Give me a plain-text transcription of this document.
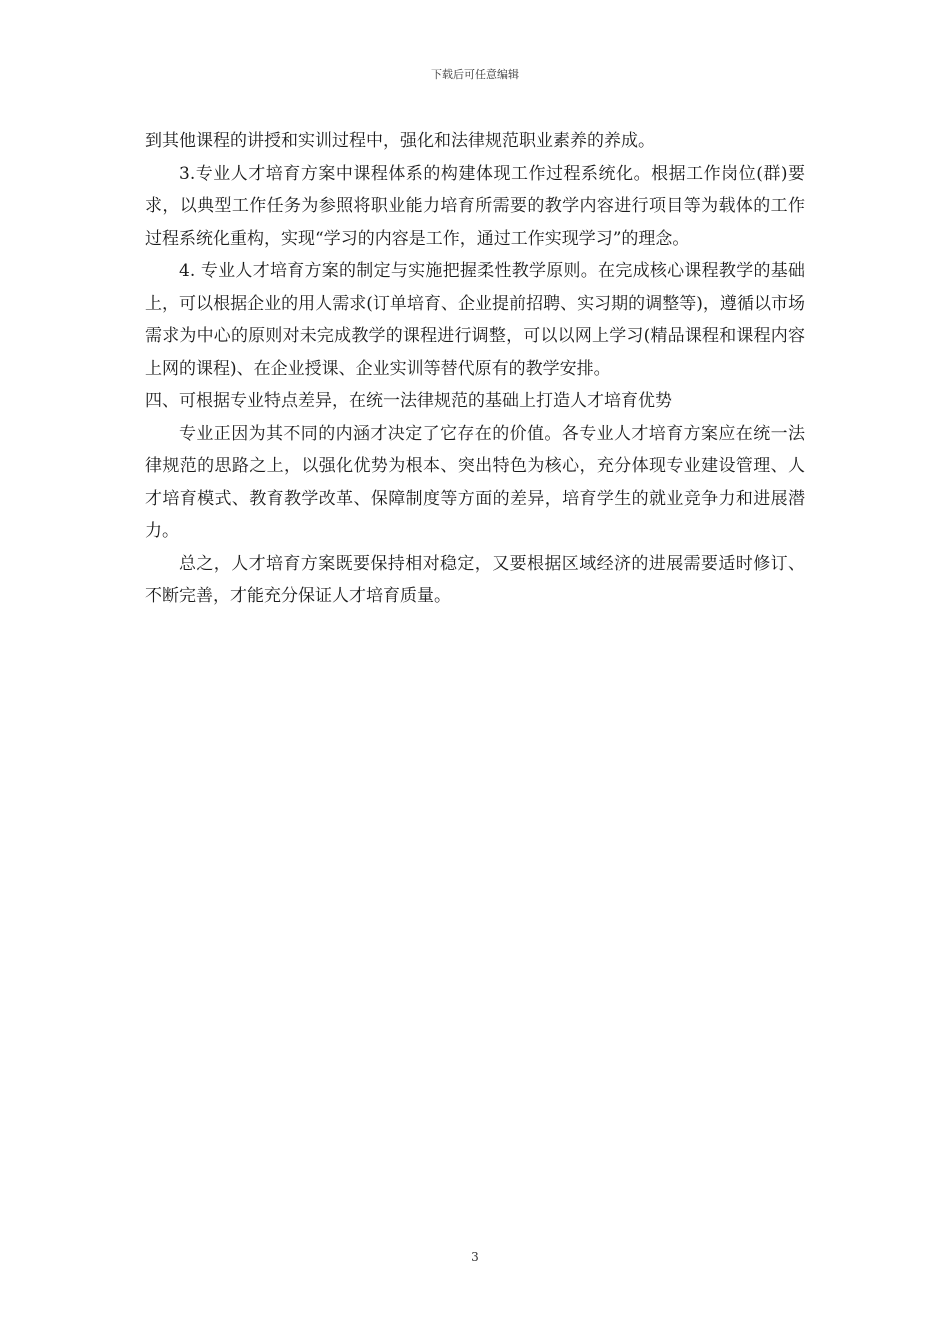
下载后可任意编辑

到其他课程的讲授和实训过程中，强化和法律规范职业素养的养成。

3.专业人才培育方案中课程体系的构建体现工作过程系统化。根据工作岗位(群)要求，以典型工作任务为参照将职业能力培育所需要的教学内容进行项目等为载体的工作过程系统化重构，实现“学习的内容是工作，通过工作实现学习”的理念。

4. 专业人才培育方案的制定与实施把握柔性教学原则。在完成核心课程教学的基础上，可以根据企业的用人需求(订单培育、企业提前招聘、实习期的调整等)，遵循以市场需求为中心的原则对未完成教学的课程进行调整，可以以网上学习(精品课程和课程内容上网的课程)、在企业授课、企业实训等替代原有的教学安排。

四、可根据专业特点差异，在统一法律规范的基础上打造人才培育优势

专业正因为其不同的内涵才决定了它存在的价值。各专业人才培育方案应在统一法律规范的思路之上，以强化优势为根本、突出特色为核心，充分体现专业建设管理、人才培育模式、教育教学改革、保障制度等方面的差异，培育学生的就业竞争力和进展潜力。

总之，人才培育方案既要保持相对稳定，又要根据区域经济的进展需要适时修订、不断完善，才能充分保证人才培育质量。

3
